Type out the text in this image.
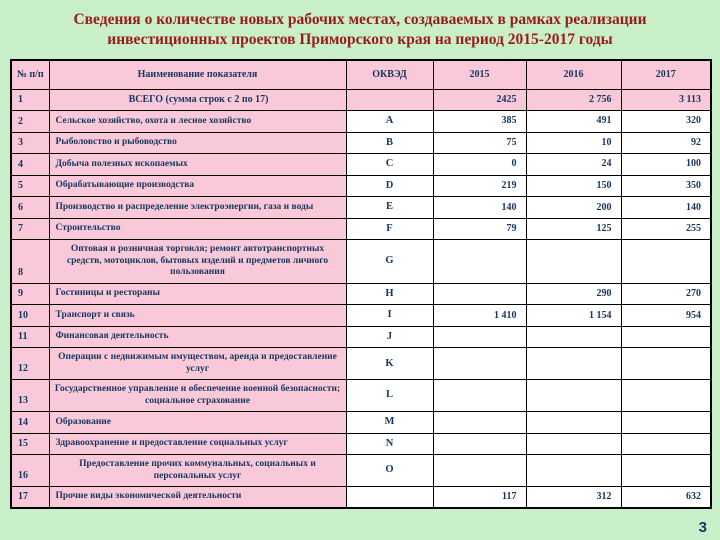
Сведения о количестве новых рабочих местах, создаваемых в рамках реализации инвестиционных проектов Приморского края на период 2015-2017 годы
№ п/п	Наименование показателя	ОКВЭД	2015	2016	2017
1	ВСЕГО (сумма строк с 2 по 17)		2425	2 756	3 113
2	Сельское хозяйство, охота и лесное хозяйство	A	385	491	320
3	Рыболовство и рыбоводство	B	75	10	92
4	Добыча полезных ископаемых	C	0	24	100
5	Обрабатывающие производства	D	219	150	350
6	Производство и распределение электроэнергии, газа и воды	E	140	200	140
7	Строительство	F	79	125	255
8	Оптовая и розничная торговля; ремонт автотранспортных средств, мотоциклов, бытовых изделий и предметов личного пользования	G			
9	Гостиницы и рестораны	H		290	270
10	Транспорт и связь	I	1 410	1 154	954
11	Финансовая деятельность	J			
12	Операции с недвижимым имуществом, аренда и предоставление услуг	K			
13	Государственное управление и обеспечение военной безопасности; социальное страхование	L			
14	Образование	M			
15	Здравоохранение и предоставление социальных услуг	N			
16	Предоставление прочих коммунальных, социальных и персональных услуг	O			
17	Прочие виды экономической деятельности		117	312	632
3
